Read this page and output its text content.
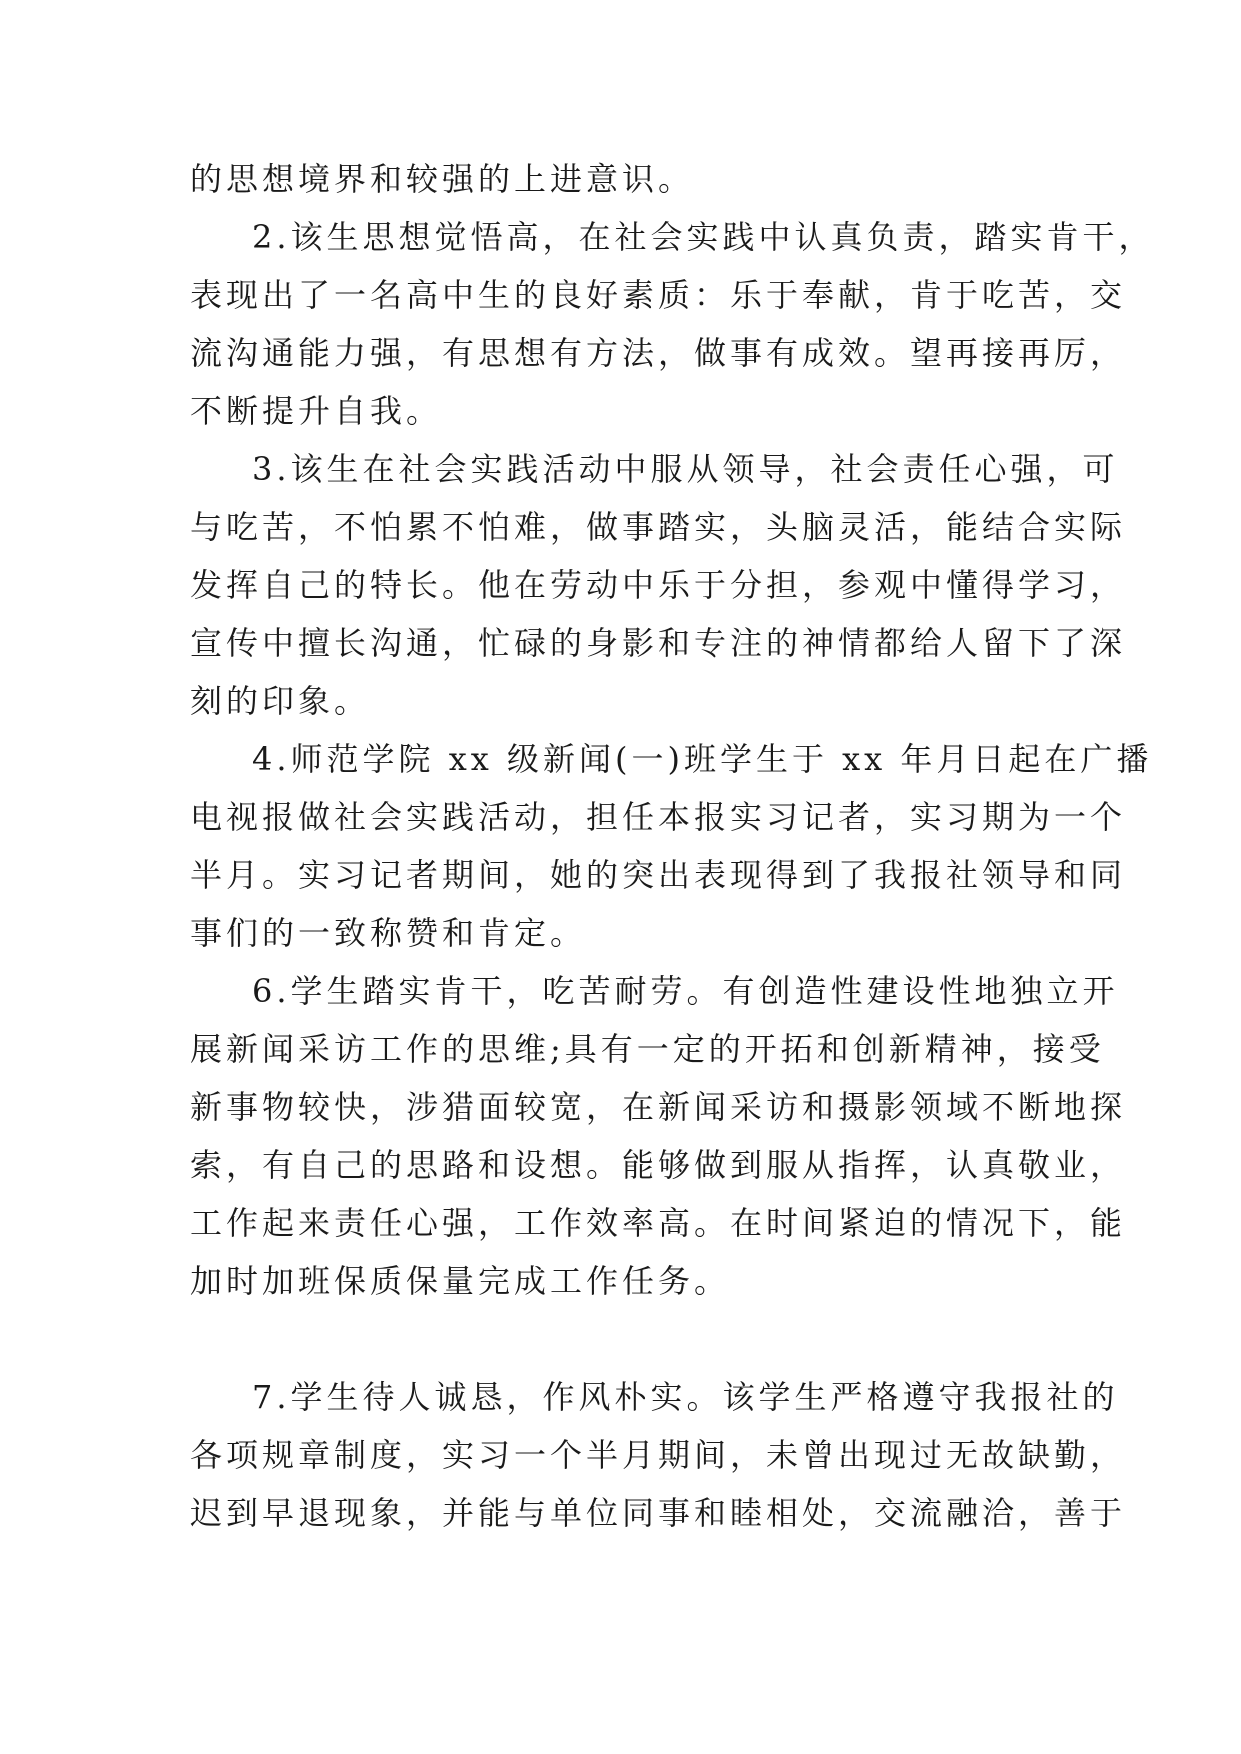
的思想境界和较强的上进意识。
2.该生思想觉悟高，在社会实践中认真负责，踏实肯干，
表现出了一名高中生的良好素质：乐于奉献，肯于吃苦，交
流沟通能力强，有思想有方法，做事有成效。望再接再厉，
不断提升自我。
3.该生在社会实践活动中服从领导，社会责任心强，可
与吃苦，不怕累不怕难，做事踏实，头脑灵活，能结合实际
发挥自己的特长。他在劳动中乐于分担，参观中懂得学习，
宣传中擅长沟通，忙碌的身影和专注的神情都给人留下了深
刻的印象。
4.师范学院 xx 级新闻(一)班学生于 xx 年月日起在广播
电视报做社会实践活动，担任本报实习记者，实习期为一个
半月。实习记者期间，她的突出表现得到了我报社领导和同
事们的一致称赞和肯定。
6.学生踏实肯干，吃苦耐劳。有创造性建设性地独立开
展新闻采访工作的思维;具有一定的开拓和创新精神，接受
新事物较快，涉猎面较宽，在新闻采访和摄影领域不断地探
索，有自己的思路和设想。能够做到服从指挥，认真敬业，
工作起来责任心强，工作效率高。在时间紧迫的情况下，能
加时加班保质保量完成工作任务。
7.学生待人诚恳，作风朴实。该学生严格遵守我报社的
各项规章制度，实习一个半月期间，未曾出现过无故缺勤，
迟到早退现象，并能与单位同事和睦相处，交流融洽，善于
